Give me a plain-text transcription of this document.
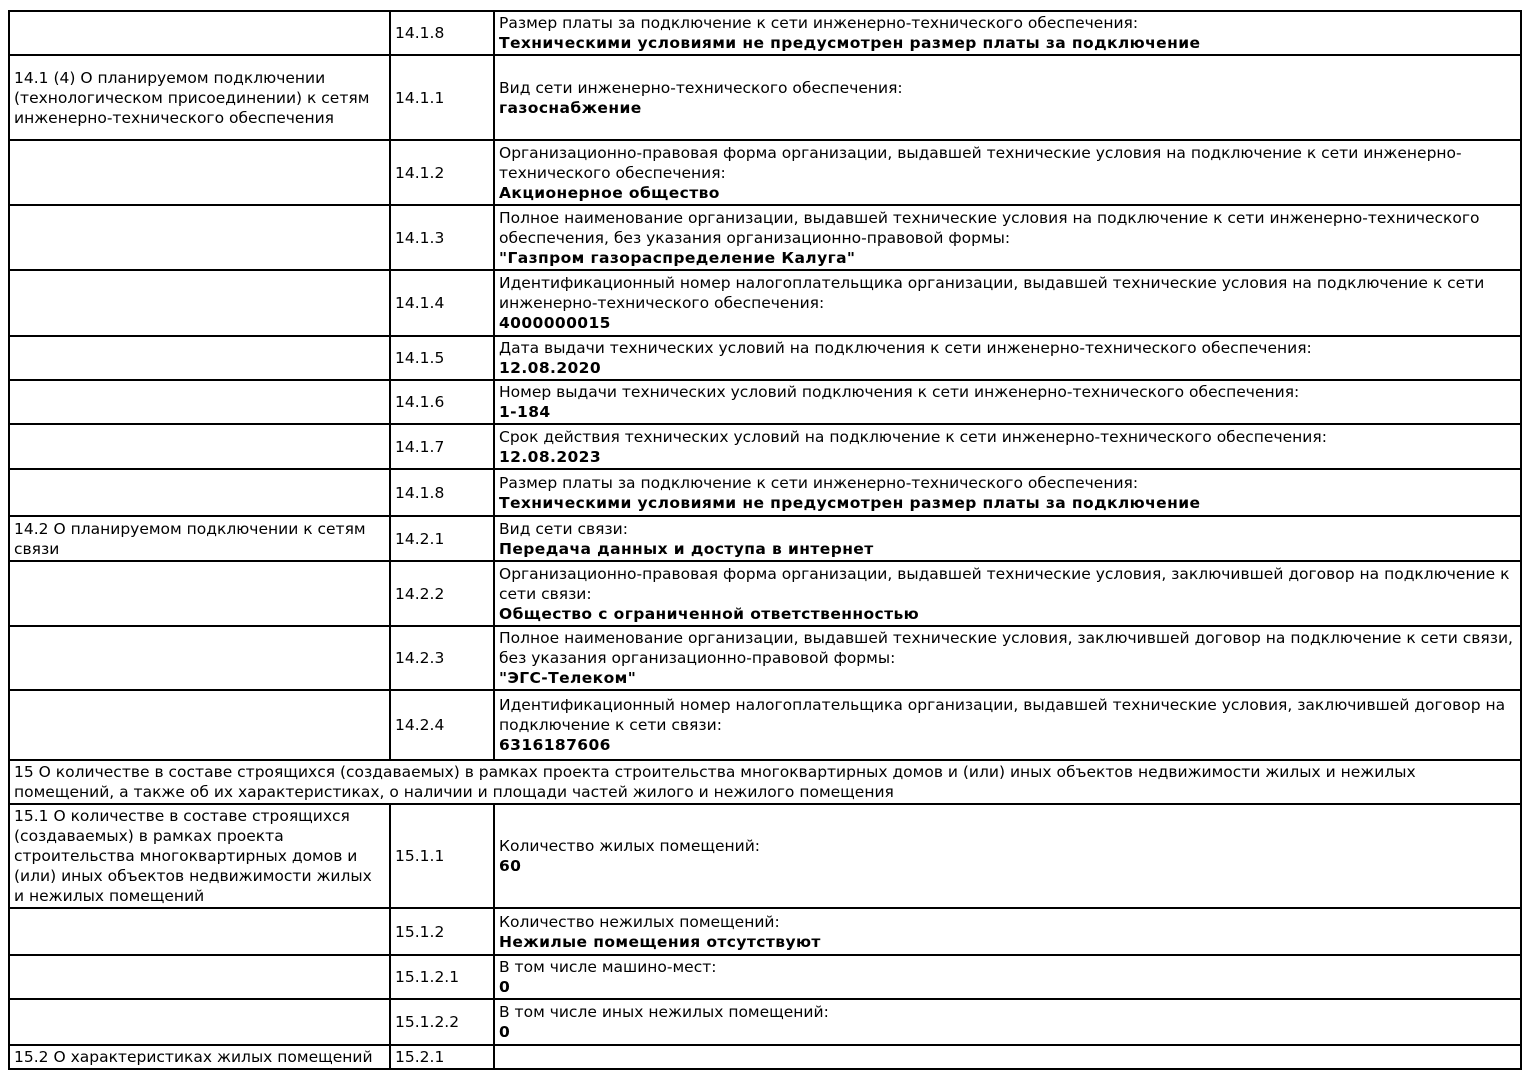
	14.1.8	Размер платы за подключение к сети инженерно-технического обеспечения:
Техническими условиями не предусмотрен размер платы за подключение

14.1 (4) О планируемом подключении (технологическом присоединении) к сетям инженерно-технического обеспечения	14.1.1	Вид сети инженерно-технического обеспечения:
газоснабжение

	14.1.2	Организационно-правовая форма организации, выдавшей технические условия на подключение к сети инженерно-технического обеспечения:
Акционерное общество

	14.1.3	Полное наименование организации, выдавшей технические условия на подключение к сети инженерно-технического обеспечения, без указания организационно-правовой формы:
"Газпром газораспределение Калуга"

	14.1.4	Идентификационный номер налогоплательщика организации, выдавшей технические условия на подключение к сети инженерно-технического обеспечения:
4000000015

	14.1.5	Дата выдачи технических условий на подключения к сети инженерно-технического обеспечения:
12.08.2020

	14.1.6	Номер выдачи технических условий подключения к сети инженерно-технического обеспечения:
1-184

	14.1.7	Срок действия технических условий на подключение к сети инженерно-технического обеспечения:
12.08.2023

	14.1.8	Размер платы за подключение к сети инженерно-технического обеспечения:
Техническими условиями не предусмотрен размер платы за подключение

14.2 О планируемом подключении к сетям связи	14.2.1	Вид сети связи:
Передача данных и доступа в интернет

	14.2.2	Организационно-правовая форма организации, выдавшей технические условия, заключившей договор на подключение к сети связи:
Общество с ограниченной ответственностью

	14.2.3	Полное наименование организации, выдавшей технические условия, заключившей договор на подключение к сети связи, без указания организационно-правовой формы:
"ЭГС-Телеком"

	14.2.4	Идентификационный номер налогоплательщика организации, выдавшей технические условия, заключившей договор на подключение к сети связи:
6316187606

15 О количестве в составе строящихся (создаваемых) в рамках проекта строительства многоквартирных домов и (или) иных объектов недвижимости жилых и нежилых помещений, а также об их характеристиках, о наличии и площади частей жилого и нежилого помещения		
15.1 О количестве в составе строящихся (создаваемых) в рамках проекта строительства многоквартирных домов и (или) иных объектов недвижимости жилых и нежилых помещений	15.1.1	Количество жилых помещений:
60

	15.1.2	Количество нежилых помещений:
Нежилые помещения отсутствуют

	15.1.2.1	В том числе машино-мест:
0

	15.1.2.2	В том числе иных нежилых помещений:
0

15.2 О характеристиках жилых помещений	15.2.1	
